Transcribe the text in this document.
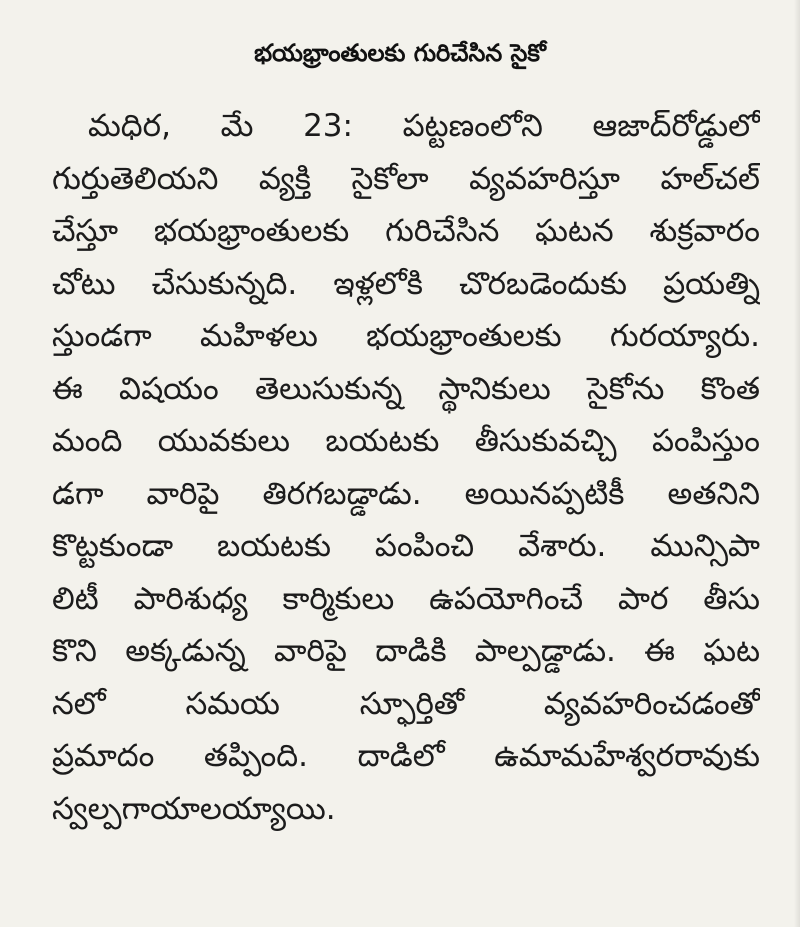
భయభ్రాంతులకు గురిచేసిన సైకో
మధిర, మే 23: పట్టణంలోని ఆజాద్‌రోడ్డులో
గుర్తుతెలియని వ్యక్తి సైకోలా వ్యవహరిస్తూ హల్‌చల్
చేస్తూ భయభ్రాంతులకు గురిచేసిన ఘటన శుక్రవారం
చోటు చేసుకున్నది. ఇళ్లలోకి చొరబడెందుకు ప్రయత్ని
స్తుండగా మహిళలు భయభ్రాంతులకు గురయ్యారు.
ఈ విషయం తెలుసుకున్న స్థానికులు సైకోను కొంత
మంది యువకులు బయటకు తీసుకువచ్చి పంపిస్తుం
డగా వారిపై తిరగబడ్డాడు. అయినప్పటికీ అతనిని
కొట్టకుండా బయటకు పంపించి వేశారు. మున్సిపా
లిటీ పారిశుధ్య కార్మికులు ఉపయోగించే పార తీసు
కొని అక్కడున్న వారిపై దాడికి పాల్పడ్డాడు. ఈ ఘట
నలో సమయ స్ఫూర్తితో వ్యవహరించడంతో
ప్రమాదం తప్పింది. దాడిలో ఉమామహేశ్వరరావుకు
స్వల్పగాయాలయ్యాయి.
